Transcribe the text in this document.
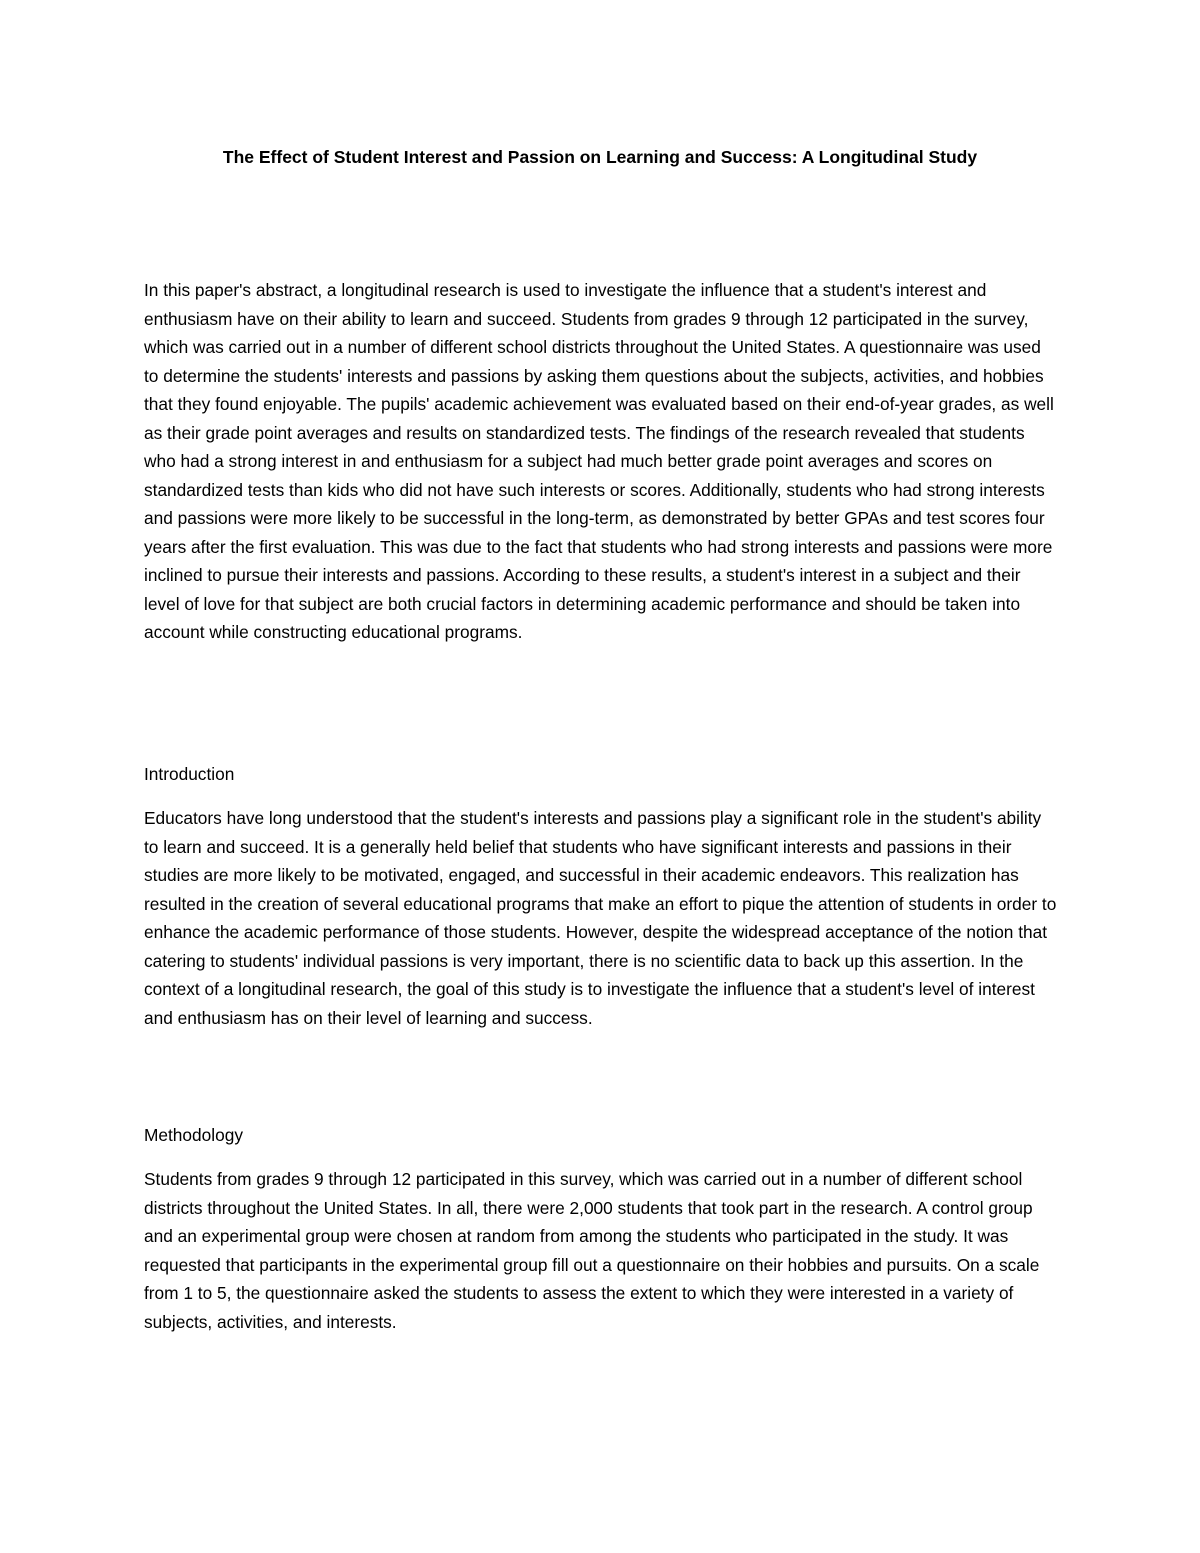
The Effect of Student Interest and Passion on Learning and Success: A Longitudinal Study

In this paper's abstract, a longitudinal research is used to investigate the influence that a student's interest and enthusiasm have on their ability to learn and succeed. Students from grades 9 through 12 participated in the survey, which was carried out in a number of different school districts throughout the United States. A questionnaire was used to determine the students' interests and passions by asking them questions about the subjects, activities, and hobbies that they found enjoyable. The pupils' academic achievement was evaluated based on their end-of-year grades, as well as their grade point averages and results on standardized tests. The findings of the research revealed that students who had a strong interest in and enthusiasm for a subject had much better grade point averages and scores on standardized tests than kids who did not have such interests or scores. Additionally, students who had strong interests and passions were more likely to be successful in the long-term, as demonstrated by better GPAs and test scores four years after the first evaluation. This was due to the fact that students who had strong interests and passions were more inclined to pursue their interests and passions. According to these results, a student's interest in a subject and their level of love for that subject are both crucial factors in determining academic performance and should be taken into account while constructing educational programs.

Introduction

Educators have long understood that the student's interests and passions play a significant role in the student's ability to learn and succeed. It is a generally held belief that students who have significant interests and passions in their studies are more likely to be motivated, engaged, and successful in their academic endeavors. This realization has resulted in the creation of several educational programs that make an effort to pique the attention of students in order to enhance the academic performance of those students. However, despite the widespread acceptance of the notion that catering to students' individual passions is very important, there is no scientific data to back up this assertion. In the context of a longitudinal research, the goal of this study is to investigate the influence that a student's level of interest and enthusiasm has on their level of learning and success.

Methodology

Students from grades 9 through 12 participated in this survey, which was carried out in a number of different school districts throughout the United States. In all, there were 2,000 students that took part in the research. A control group and an experimental group were chosen at random from among the students who participated in the study. It was requested that participants in the experimental group fill out a questionnaire on their hobbies and pursuits. On a scale from 1 to 5, the questionnaire asked the students to assess the extent to which they were interested in a variety of subjects, activities, and interests.
